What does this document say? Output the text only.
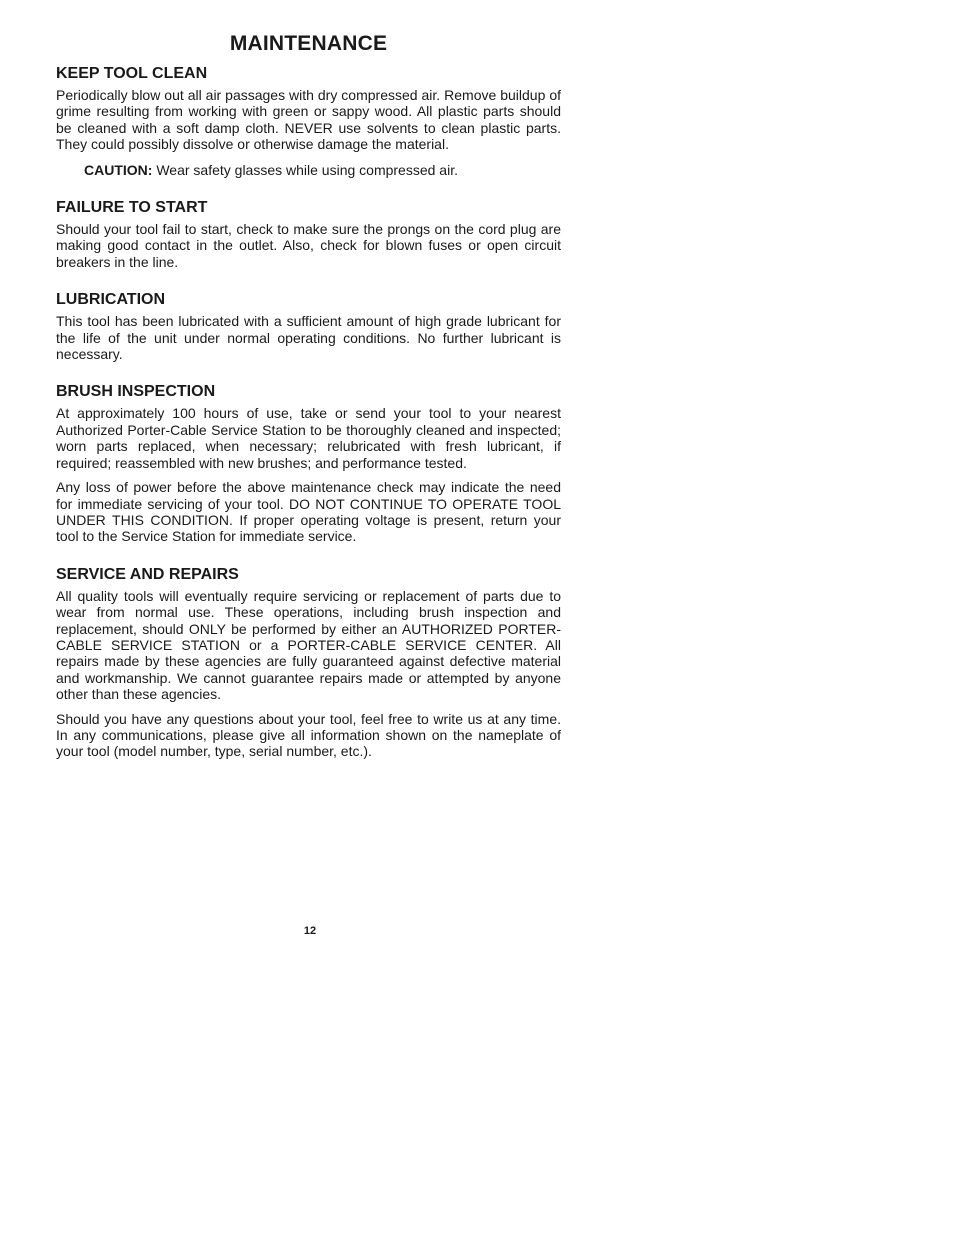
MAINTENANCE
KEEP TOOL CLEAN

Periodically blow out all air passages with dry compressed air. Remove buildup of grime resulting from working with green or sappy wood. All plastic parts should be cleaned with a soft damp cloth. NEVER use solvents to clean plastic parts. They could possibly dissolve or otherwise damage the material.

CAUTION: Wear safety glasses while using compressed air.

FAILURE TO START

Should your tool fail to start, check to make sure the prongs on the cord plug are making good contact in the outlet. Also, check for blown fuses or open circuit breakers in the line.

LUBRICATION

This tool has been lubricated with a sufficient amount of high grade lubricant for the life of the unit under normal operating conditions. No further lubricant is necessary.

BRUSH INSPECTION

At approximately 100 hours of use, take or send your tool to your nearest Authorized Porter-Cable Service Station to be thoroughly cleaned and inspected; worn parts replaced, when necessary; relubricated with fresh lubricant, if required; reassembled with new brushes; and performance tested.

Any loss of power before the above maintenance check may indicate the need for immediate servicing of your tool. DO NOT CONTINUE TO OPERATE TOOL UNDER THIS CONDITION. If proper operating voltage is present, return your tool to the Service Station for immediate service.

SERVICE AND REPAIRS

All quality tools will eventually require servicing or replacement of parts due to wear from normal use. These operations, including brush inspection and replacement, should ONLY be performed by either an AUTHORIZED PORTER-CABLE SERVICE STATION or a PORTER-CABLE SERVICE CENTER. All repairs made by these agencies are fully guaranteed against defective material and workmanship. We cannot guarantee repairs made or attempted by anyone other than these agencies.

Should you have any questions about your tool, feel free to write us at any time. In any communications, please give all information shown on the nameplate of your tool (model number, type, serial number, etc.).

12
